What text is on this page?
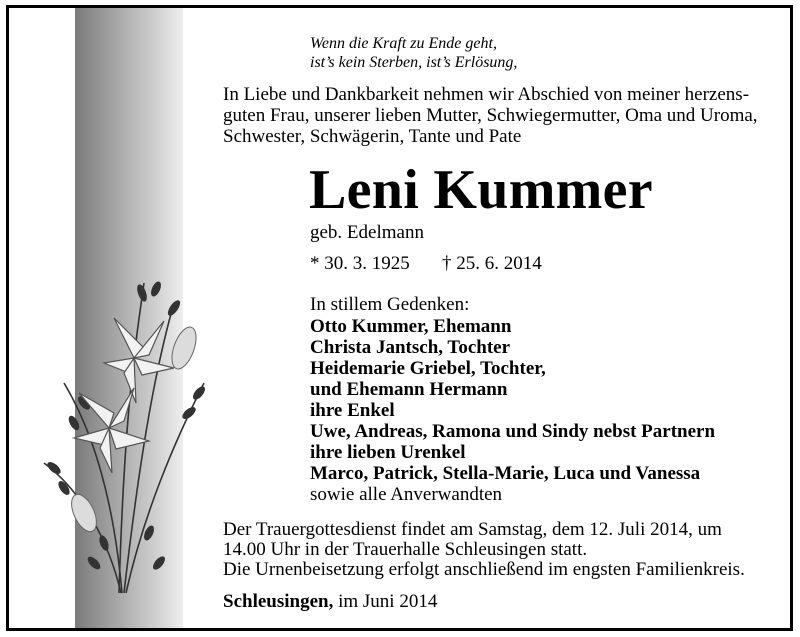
Wenn die Kraft zu Ende geht,
ist’s kein Sterben, ist’s Erlösung,
In Liebe und Dankbarkeit nehmen wir Abschied von meiner herzens-
guten Frau, unserer lieben Mutter, Schwiegermutter, Oma und Uroma,
Schwester, Schwägerin, Tante und Pate
Leni Kummer
geb. Edelmann
* 30. 3. 1925 † 25. 6. 2014
In stillem Gedenken:
Otto Kummer, Ehemann
Christa Jantsch, Tochter
Heidemarie Griebel, Tochter,
und Ehemann Hermann
ihre Enkel
Uwe, Andreas, Ramona und Sindy nebst Partnern
ihre lieben Urenkel
Marco, Patrick, Stella-Marie, Luca und Vanessa
sowie alle Anverwandten
Der Trauergottesdienst findet am Samstag, dem 12. Juli 2014, um
14.00 Uhr in der Trauerhalle Schleusingen statt.
Die Urnenbeisetzung erfolgt anschließend im engsten Familienkreis.
Schleusingen, im Juni 2014
